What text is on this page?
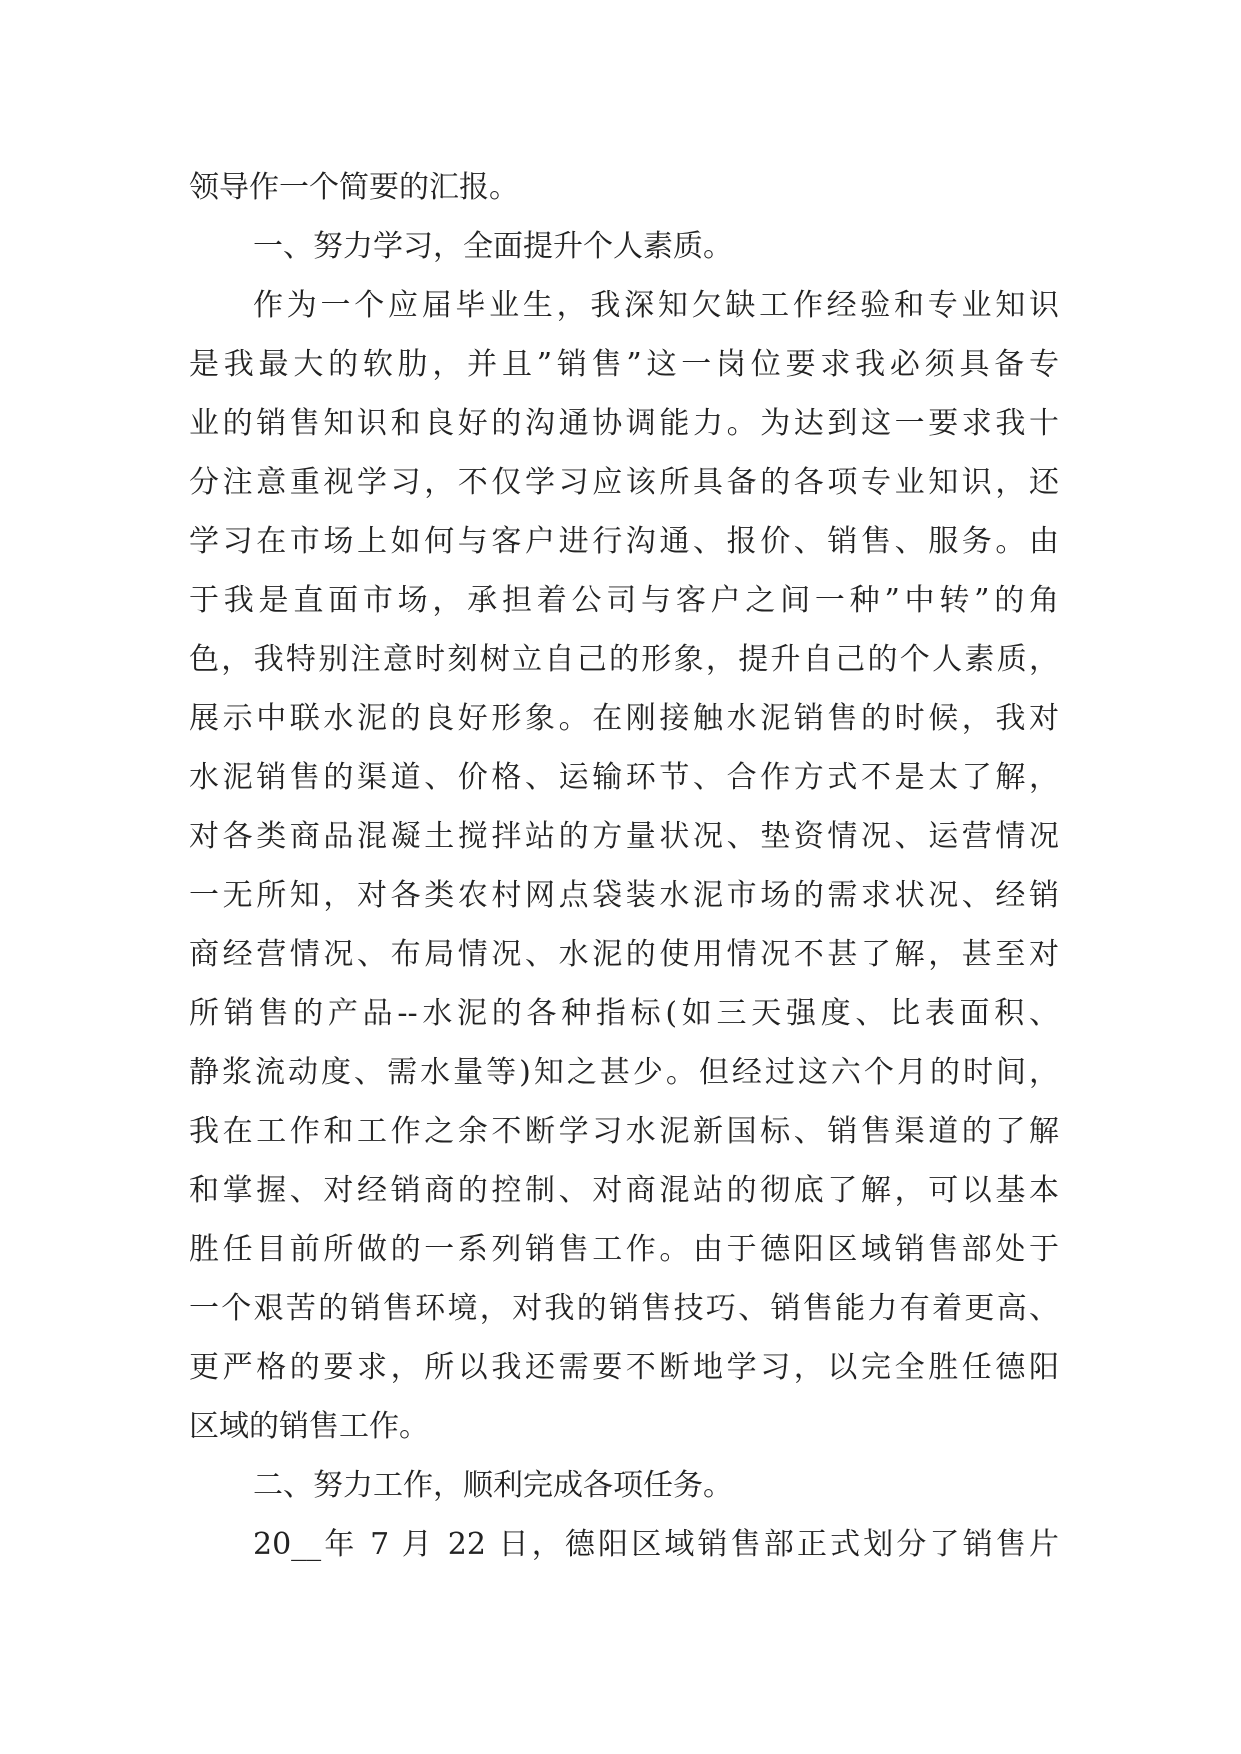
领导作一个简要的汇报。
一、努力学习，全面提升个人素质。
作为一个应届毕业生，我深知欠缺工作经验和专业知识
是我最大的软肋，并且”销售”这一岗位要求我必须具备专
业的销售知识和良好的沟通协调能力。为达到这一要求我十
分注意重视学习，不仅学习应该所具备的各项专业知识，还
学习在市场上如何与客户进行沟通、报价、销售、服务。由
于我是直面市场，承担着公司与客户之间一种”中转”的角
色，我特别注意时刻树立自己的形象，提升自己的个人素质，
展示中联水泥的良好形象。在刚接触水泥销售的时候，我对
水泥销售的渠道、价格、运输环节、合作方式不是太了解，
对各类商品混凝土搅拌站的方量状况、垫资情况、运营情况
一无所知，对各类农村网点袋装水泥市场的需求状况、经销
商经营情况、布局情况、水泥的使用情况不甚了解，甚至对
所销售的产品--水泥的各种指标(如三天强度、比表面积、
静浆流动度、需水量等)知之甚少。但经过这六个月的时间，
我在工作和工作之余不断学习水泥新国标、销售渠道的了解
和掌握、对经销商的控制、对商混站的彻底了解，可以基本
胜任目前所做的一系列销售工作。由于德阳区域销售部处于
一个艰苦的销售环境，对我的销售技巧、销售能力有着更高、
更严格的要求，所以我还需要不断地学习，以完全胜任德阳
区域的销售工作。
二、努力工作，顺利完成各项任务。
20__年 7 月 22 日，德阳区域销售部正式划分了销售片
